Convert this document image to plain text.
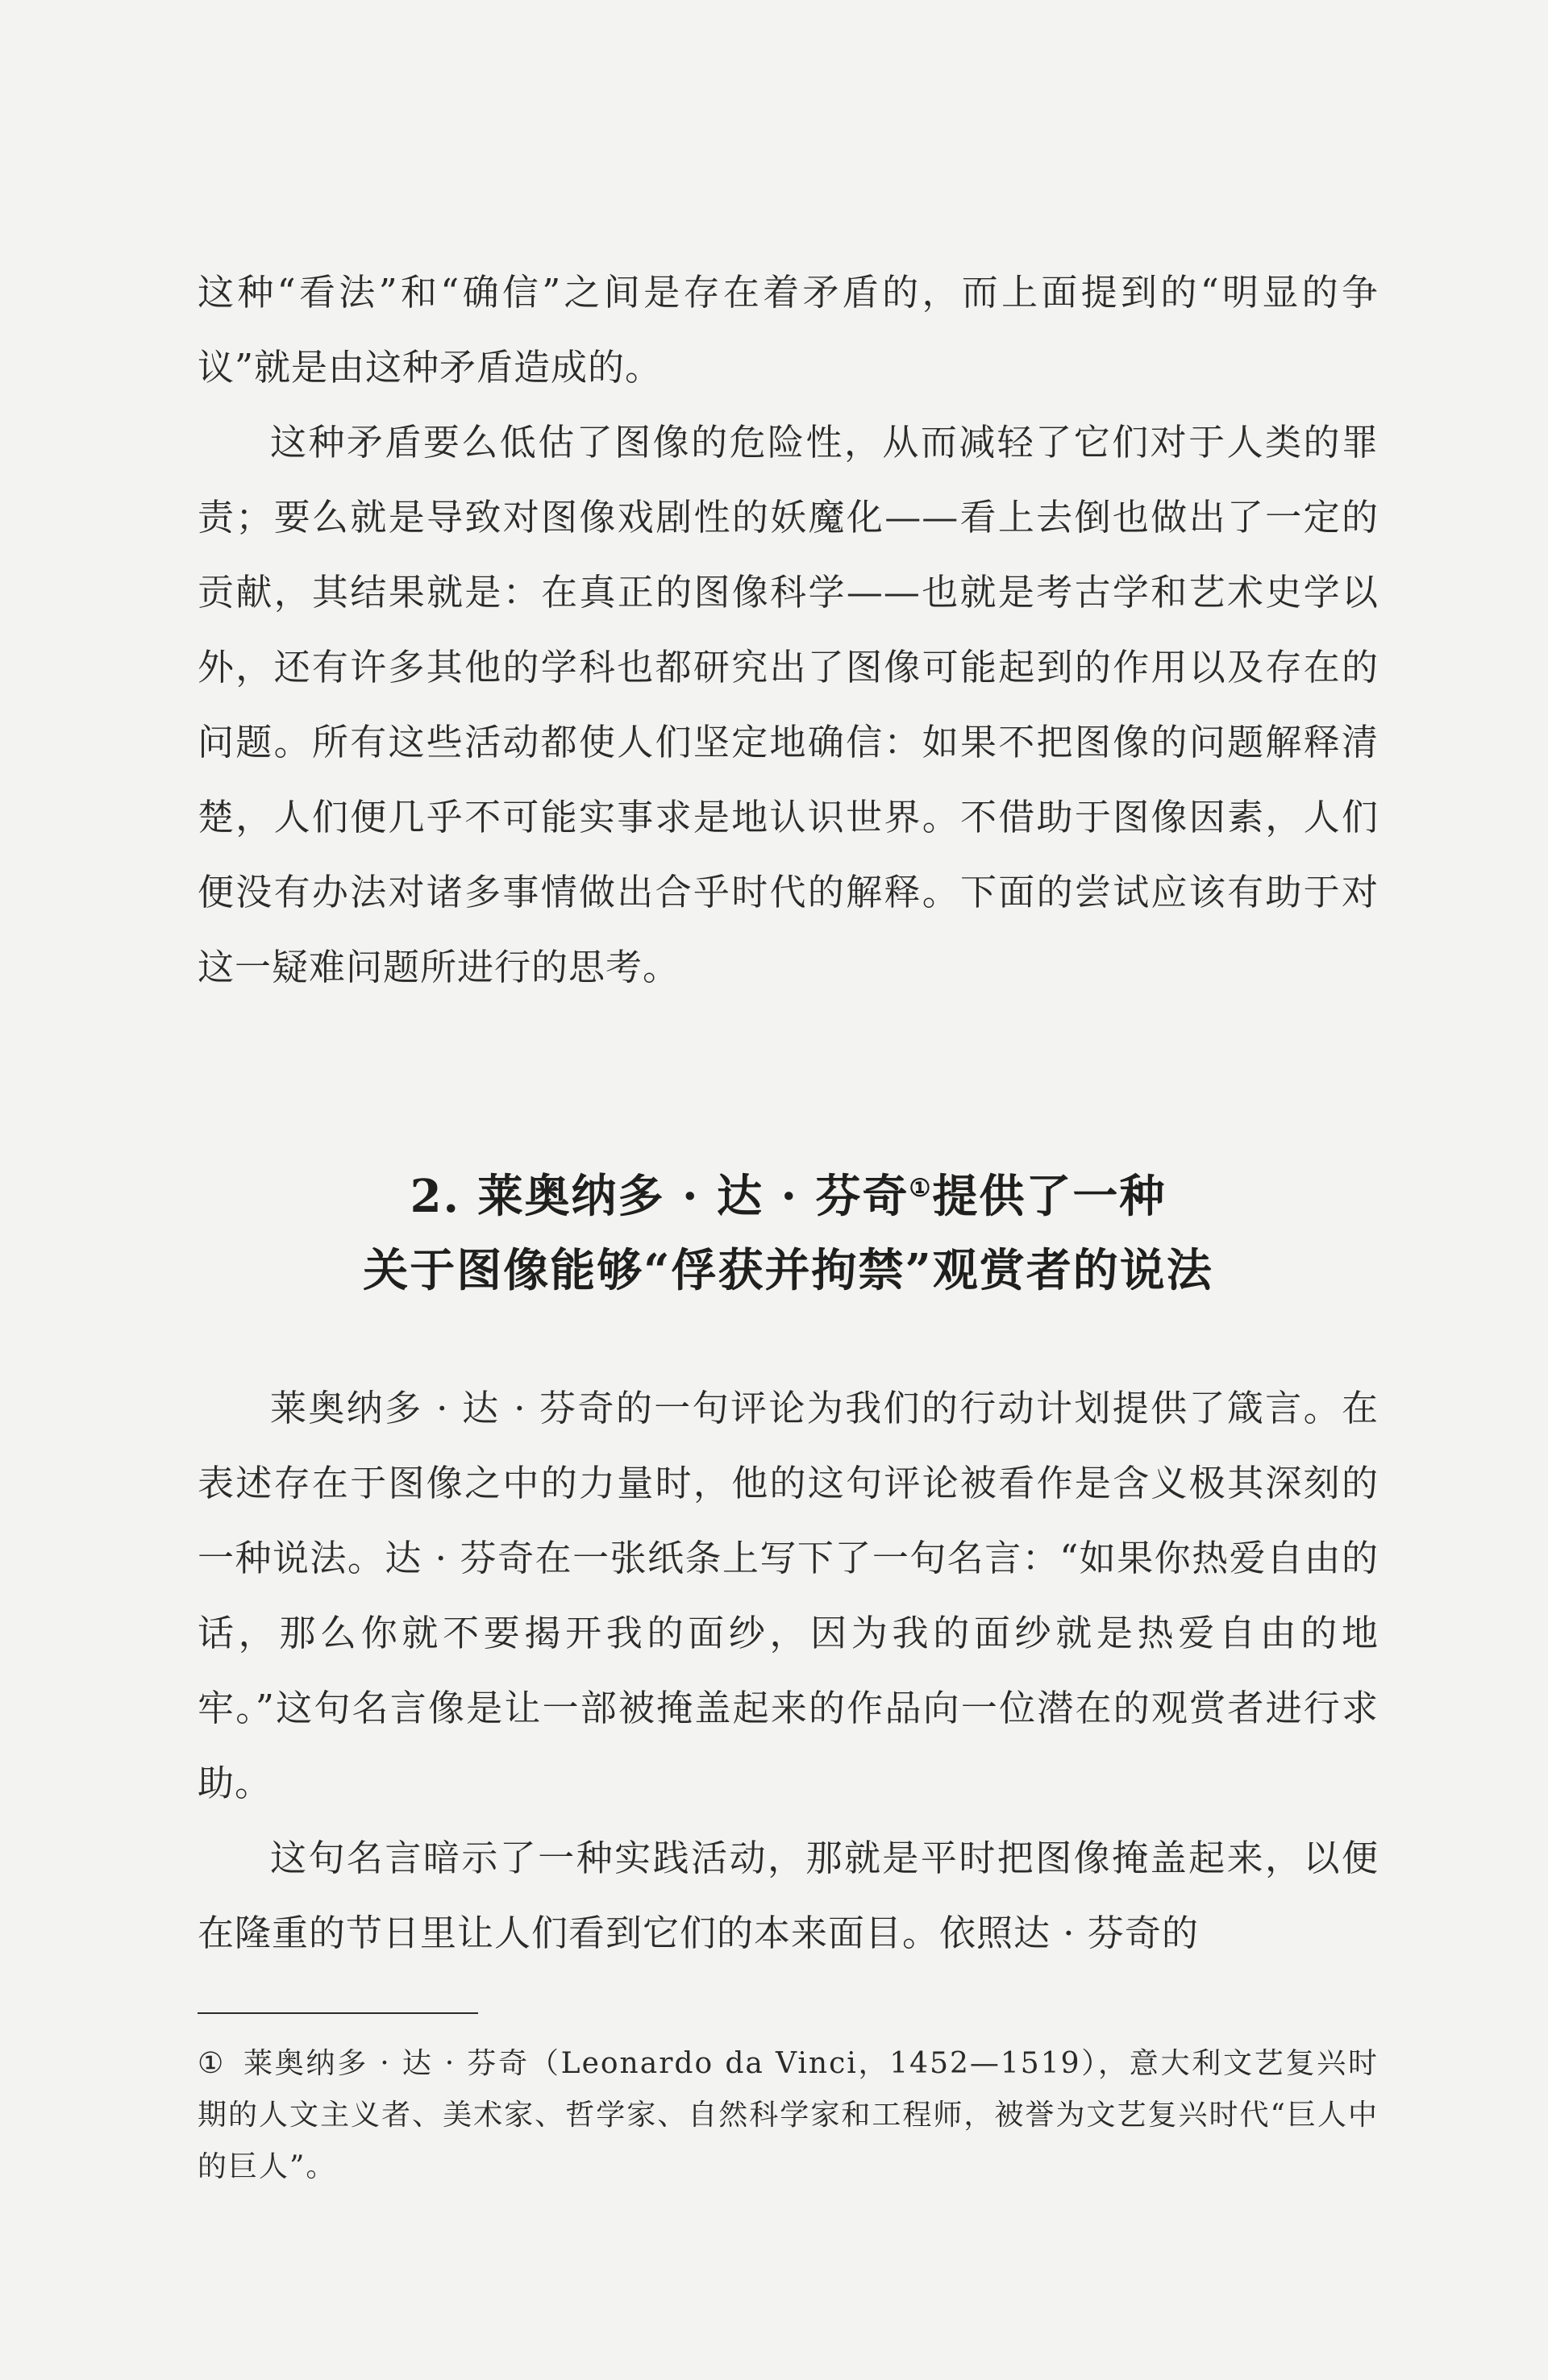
这种“看法”和“确信”之间是存在着矛盾的，而上面提到的“明显的争议”就是由这种矛盾造成的。

这种矛盾要么低估了图像的危险性，从而减轻了它们对于人类的罪责；要么就是导致对图像戏剧性的妖魔化——看上去倒也做出了一定的贡献，其结果就是：在真正的图像科学——也就是考古学和艺术史学以外，还有许多其他的学科也都研究出了图像可能起到的作用以及存在的问题。所有这些活动都使人们坚定地确信：如果不把图像的问题解释清楚，人们便几乎不可能实事求是地认识世界。不借助于图像因素，人们便没有办法对诸多事情做出合乎时代的解释。下面的尝试应该有助于对这一疑难问题所进行的思考。

2. 莱奥纳多 · 达 · 芬奇①提供了一种
关于图像能够“俘获并拘禁”观赏者的说法

莱奥纳多 · 达 · 芬奇的一句评论为我们的行动计划提供了箴言。在表述存在于图像之中的力量时，他的这句评论被看作是含义极其深刻的一种说法。达 · 芬奇在一张纸条上写下了一句名言：“如果你热爱自由的话，那么你就不要揭开我的面纱，因为我的面纱就是热爱自由的地牢。”这句名言像是让一部被掩盖起来的作品向一位潜在的观赏者进行求助。

这句名言暗示了一种实践活动，那就是平时把图像掩盖起来，以便在隆重的节日里让人们看到它们的本来面目。依照达 · 芬奇的

① 莱奥纳多 · 达 · 芬奇（Leonardo da Vinci，1452—1519），意大利文艺复兴时期的人文主义者、美术家、哲学家、自然科学家和工程师，被誉为文艺复兴时代“巨人中的巨人”。
